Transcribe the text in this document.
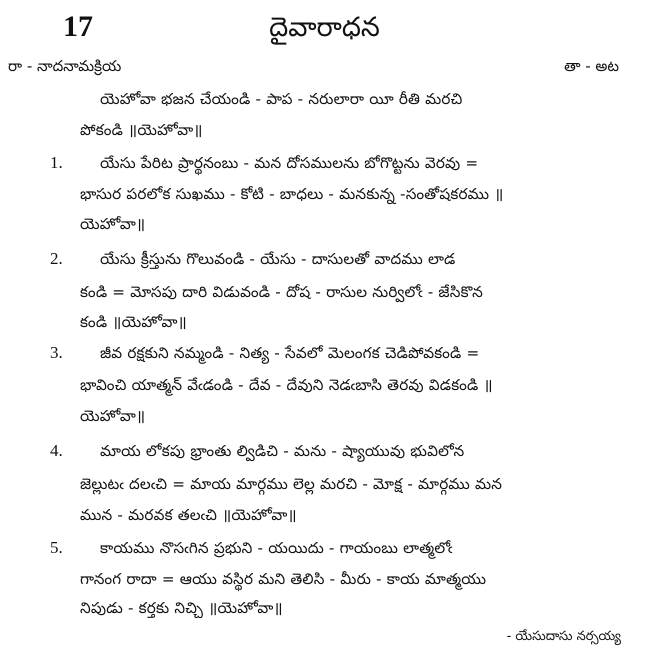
17	దైవారాధన
రా - నాదనామక్రియ	తా - అట
యెహోవా భజన చేయండి - పాప - నరులారా యీ రీతి మరచి
పోకండి ॥యెహోవా॥
1. యేసు పేరిట ప్రార్థనంబు - మన దోసములను బోగొట్టను వెరవు =
భాసుర పరలోక సుఖము - కోటి - బాధలు - మనకున్న -సంతోషకరము ॥
యెహోవా॥
2. యేసు క్రీస్తును గొలువండి - యేసు - దాసులతో వాదము లాడ
కండి = మోసపు దారి విడువండి - దోష - రాసుల నుర్విలోఁ - జేసికొన
కండి ॥యెహోవా॥
3. జీవ రక్షకుని నమ్మండి - నిత్య - సేవలో మెలంగక చెడిపోవకండి =
భావించి యాత్మన్ వేఁడండి - దేవ - దేవుని నెడఁబాసి తెరవు విడకండి ॥
యెహోవా॥
4. మాయ లోకపు భ్రాంతు ల్విడిచి - మను - ష్యాయువు భువిలోన
జెల్లుటఁ దలఁచి = మాయ మార్గము లెల్ల మరచి - మోక్ష - మార్గము మన
మున - మరవక తలఁచి ॥యెహోవా॥
5. కాయము నొసఁగిన ప్రభుని - యయిదు - గాయంబు లాత్మలోఁ
గానంగ రాదా = ఆయు వస్థిర మని తెలిసి - మీరు - కాయ మాత్మయు
నిపుడు - కర్తకు నిచ్చి ॥యెహోవా॥
- యేసుదాసు నర్సయ్య
